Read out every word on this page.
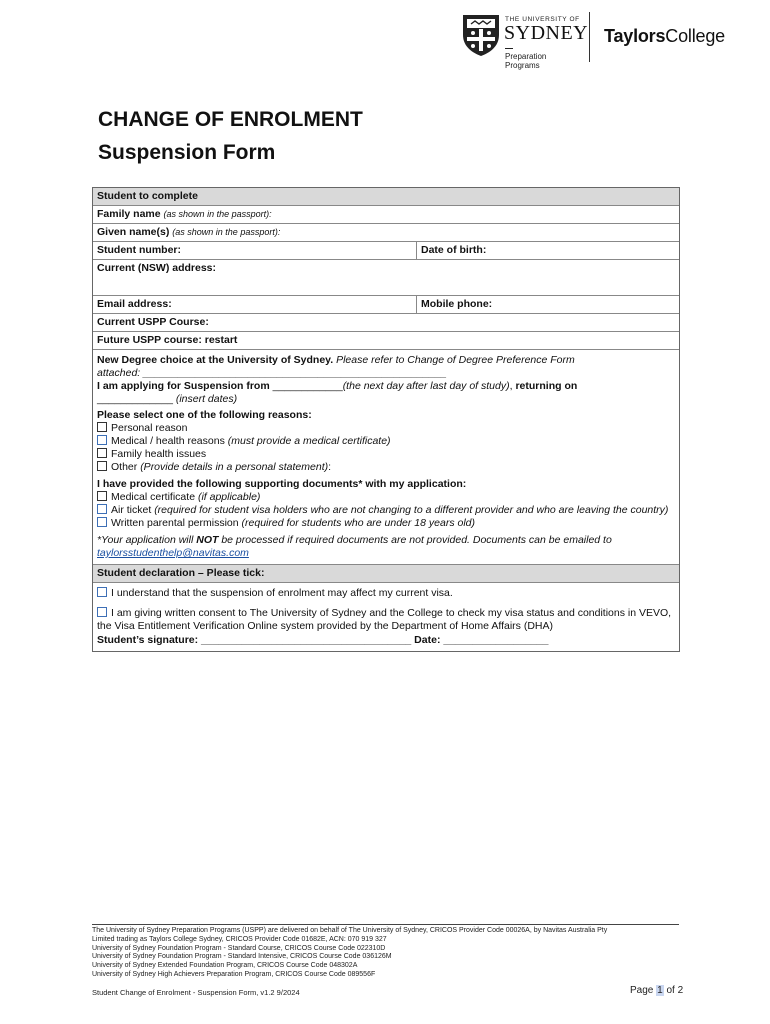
THE UNIVERSITY OF
SYDNEY
Preparation
Programs
TaylorsCollege
CHANGE OF ENROLMENT
Suspension Form
Student to complete
Family name (as shown in the passport):
Given name(s) (as shown in the passport):
Student number:	Date of birth:
Current (NSW) address:
Email address:	Mobile phone:
Current USPP Course:
Future USPP course: restart

New Degree choice at the University of Sydney. Please refer to Change of Degree Preference Form
attached: ____________________________________________________

I am applying for Suspension from ____________(the next day after last day of study), returning on
_____________ (insert dates)

Please select one of the following reasons:

Personal reason

Medical / health reasons (must provide a medical certificate)

Family health issues

Other (Provide details in a personal statement):

I have provided the following supporting documents* with my application:

Medical certificate (if applicable)

Air ticket (required for student visa holders who are not changing to a different provider and who are leaving the country)

Written parental permission (required for students who are under 18 years old)

*Your application will NOT be processed if required documents are not provided. Documents can be emailed to
taylorsstudenthelp@navitas.com

Student declaration – Please tick:

I understand that the suspension of enrolment may affect my current visa.

I am giving written consent to The University of Sydney and the College to check my visa status and conditions in VEVO, the Visa Entitlement Verification Online system provided by the Department of Home Affairs (DHA)

Student’s signature: ____________________________________ Date: __________________

The University of Sydney Preparation Programs (USPP) are delivered on behalf of The University of Sydney, CRICOS Provider Code 00026A, by Navitas Australia Pty
Limited trading as Taylors College Sydney, CRICOS Provider Code 01682E, ACN: 070 919 327
University of Sydney Foundation Program - Standard Course, CRICOS Course Code 022310D
University of Sydney Foundation Program - Standard Intensive, CRICOS Course Code 036126M
University of Sydney Extended Foundation Program, CRICOS Course Code 048302A
University of Sydney High Achievers Preparation Program, CRICOS Course Code 089556F
Student Change of Enrolment - Suspension Form, v1.2 9/2024	Page 1 of 2
